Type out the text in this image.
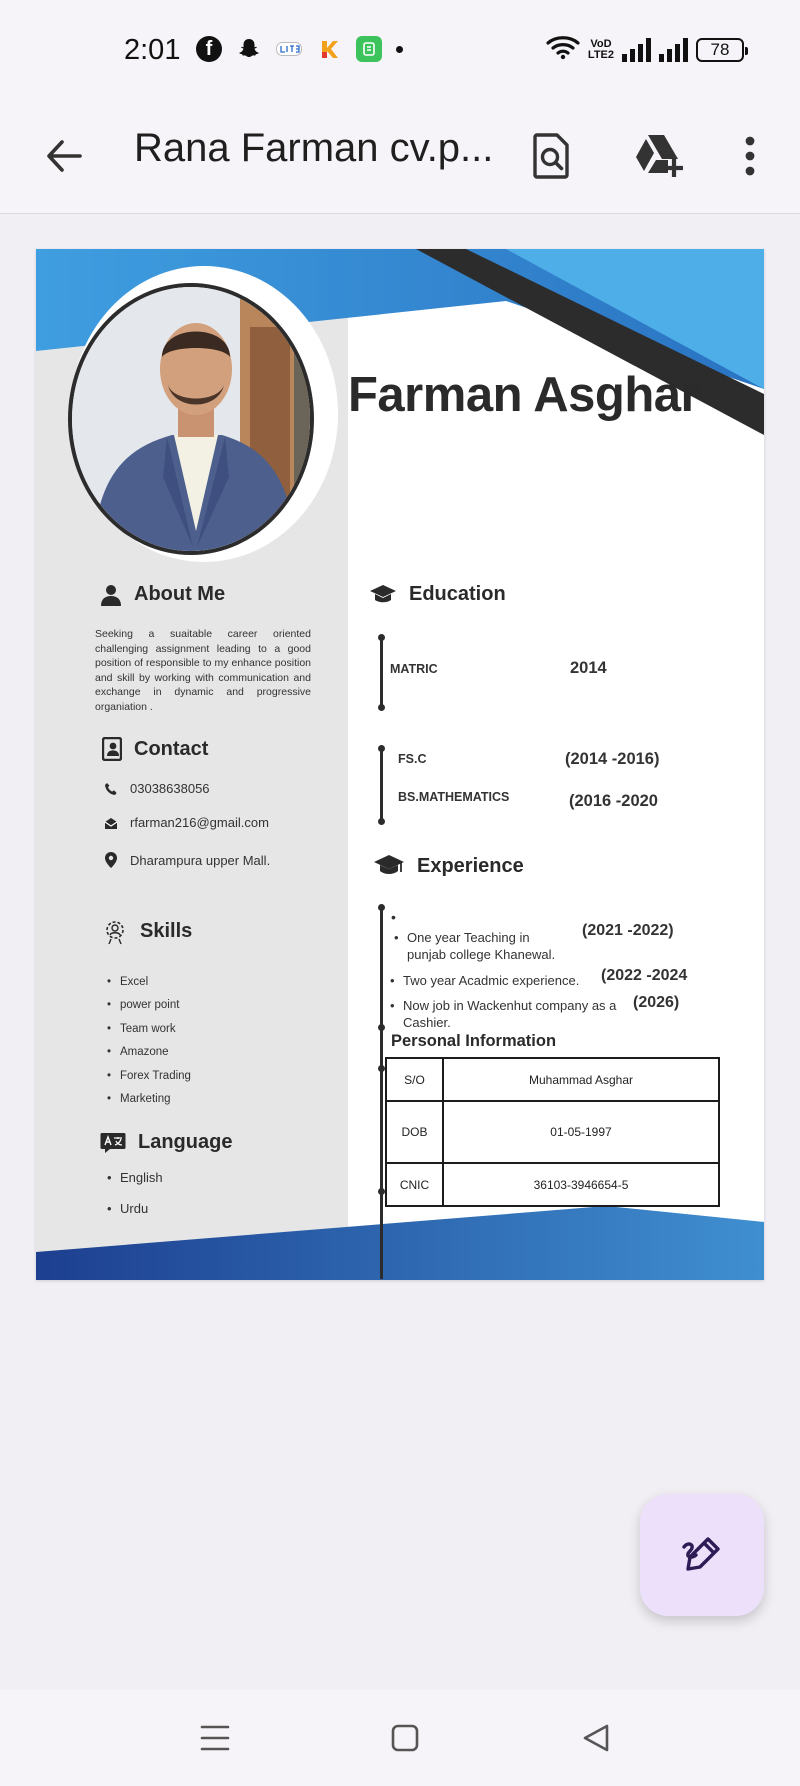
2:01	f	VoD
LTE2	78
Rana Farman cv.p...
Farman Asghar
About Me
Seeking a suaitable career oriented challenging assignment leading to a good position of responsible to my enhance position and skill by working with communication and exchange in dynamic and progressive organiation .
Contact
03038638056
rfarman216@gmail.com
Dharampura upper Mall.
Skills
• Excel
• power point
• Team work
• Amazone
• Forex Trading
• Marketing
Language
• English
• Urdu
Education
MATRIC	2014
FS.C	(2014 -2016)
BS.MATHEMATICS	(2016 -2020
Experience
•
• One year Teaching in punjab college Khanewal.
(2021 -2022)
• Two year Acadmic experience.	(2022 -2024
• Now job in Wackenhut company as a Cashier.
(2026)
Personal Information
S/O	Muhammad Asghar
DOB	01-05-1997
CNIC	36103-3946654-5
